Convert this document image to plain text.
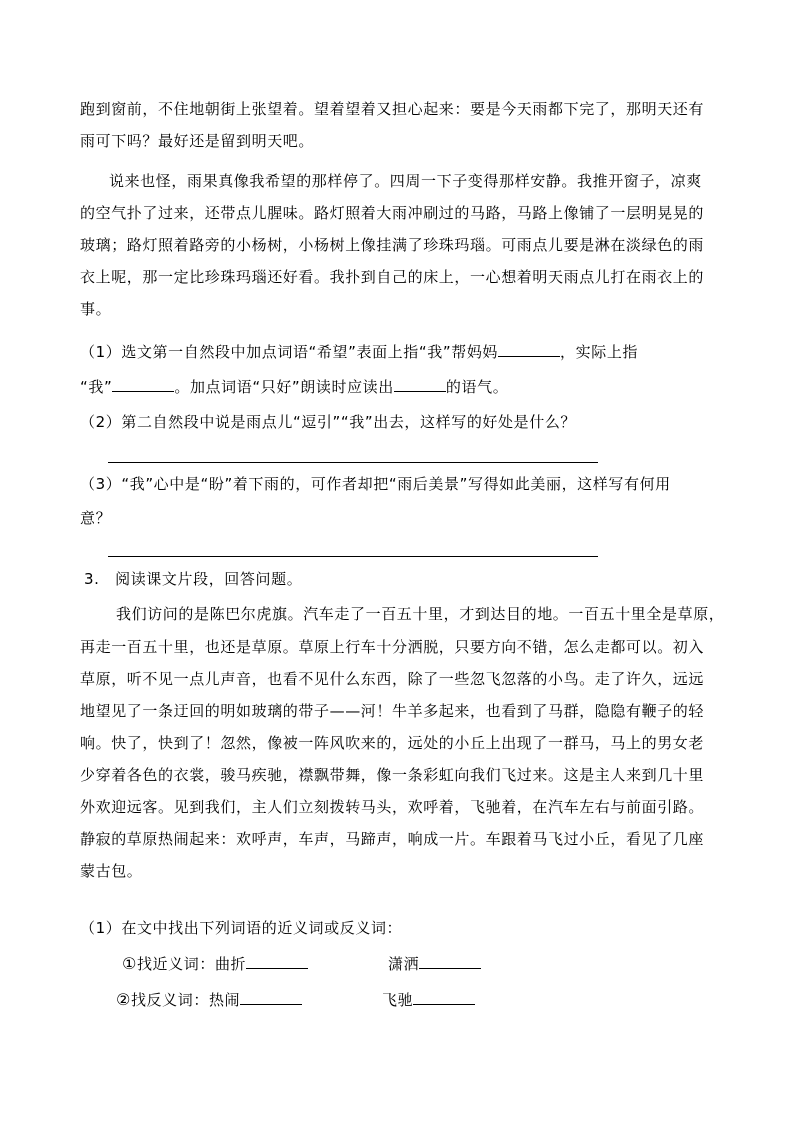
跑到窗前，不住地朝街上张望着。望着望着又担心起来：要是今天雨都下完了，那明天还有
雨可下吗？最好还是留到明天吧。
说来也怪，雨果真像我希望的那样停了。四周一下子变得那样安静。我推开窗子，凉爽
的空气扑了过来，还带点儿腥味。路灯照着大雨冲刷过的马路，马路上像铺了一层明晃晃的
玻璃；路灯照着路旁的小杨树，小杨树上像挂满了珍珠玛瑙。可雨点儿要是淋在淡绿色的雨
衣上呢，那一定比珍珠玛瑙还好看。我扑到自己的床上，一心想着明天雨点儿打在雨衣上的
事。
（1）选文第一自然段中加点词语“希望”表面上指“我”帮妈妈	，实际上指
“我”	。加点词语“只好”朗读时应读出	的语气。
（2）第二自然段中说是雨点儿“逗引”“我”出去，这样写的好处是什么？
（3）“我”心中是“盼”着下雨的，可作者却把“雨后美景”写得如此美丽，这样写有何用
意？
3.　阅读课文片段，回答问题。
我们访问的是陈巴尔虎旗。汽车走了一百五十里，才到达目的地。一百五十里全是草原，
再走一百五十里，也还是草原。草原上行车十分洒脱，只要方向不错，怎么走都可以。初入
草原，听不见一点儿声音，也看不见什么东西，除了一些忽飞忽落的小鸟。走了许久，远远
地望见了一条迂回的明如玻璃的带子——河！牛羊多起来，也看到了马群，隐隐有鞭子的轻
响。快了，快到了！忽然，像被一阵风吹来的，远处的小丘上出现了一群马，马上的男女老
少穿着各色的衣裳，骏马疾驰，襟飘带舞，像一条彩虹向我们飞过来。这是主人来到几十里
外欢迎远客。见到我们，主人们立刻拨转马头，欢呼着，飞驰着，在汽车左右与前面引路。
静寂的草原热闹起来：欢呼声，车声，马蹄声，响成一片。车跟着马飞过小丘，看见了几座
蒙古包。
（1）在文中找出下列词语的近义词或反义词：
①找近义词：曲折	潇洒
②找反义词：热闹	飞驰
